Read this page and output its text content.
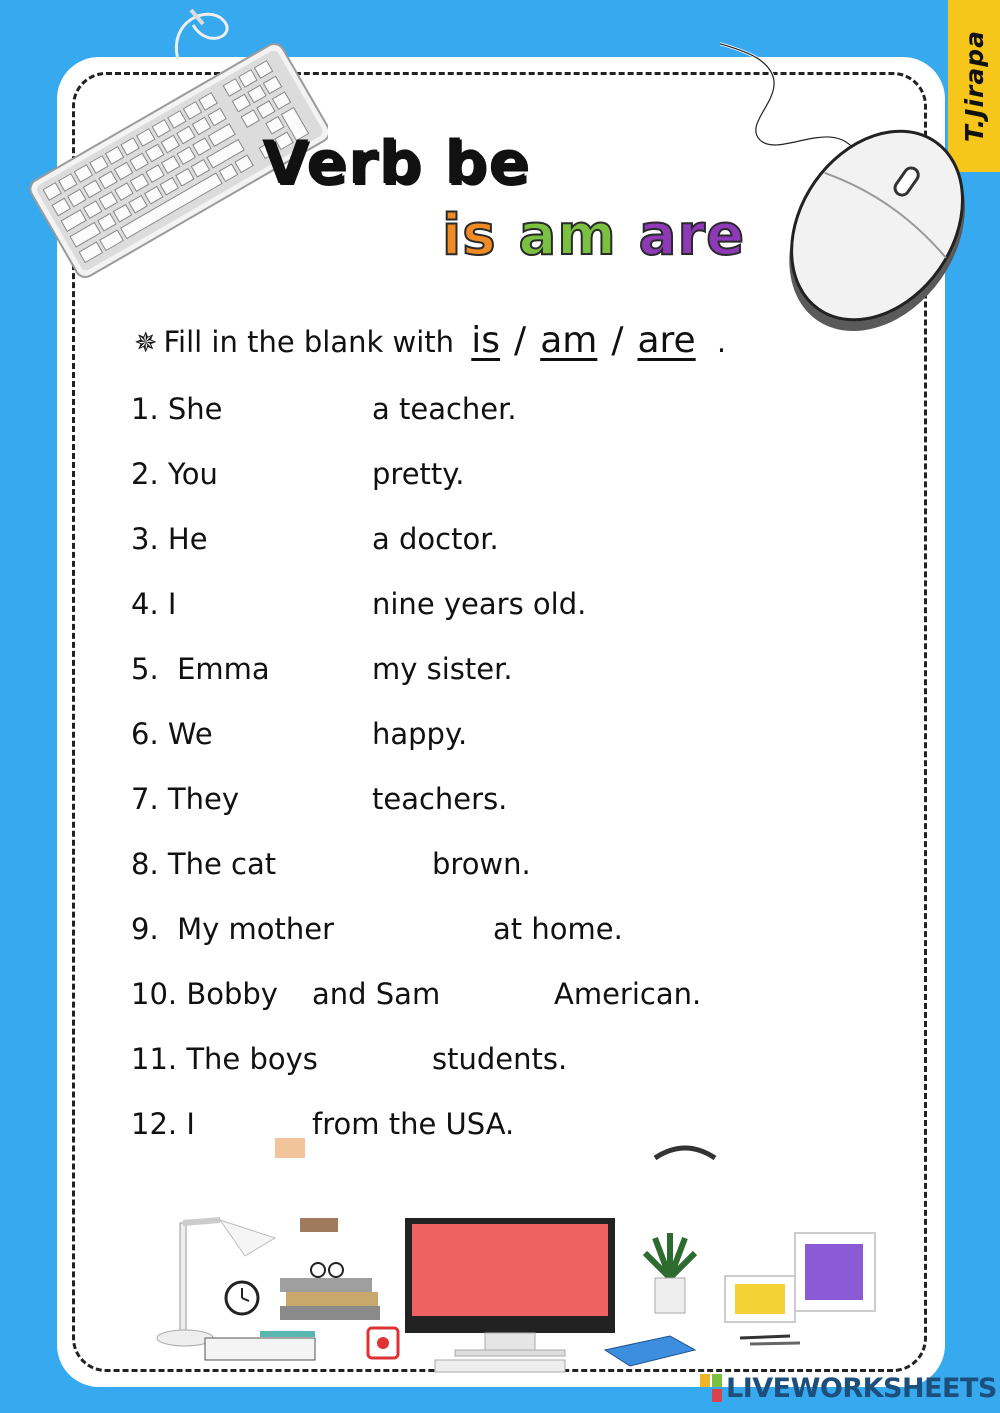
T.Jirapa
Verb be
is am are
✵ Fill in the blank with is / am / are .
1. She	a teacher.
2. You	pretty.
3. He	a doctor.
4. I	nine years old.
5.  Emma	my sister.
6. We	happy.
7. They	teachers.
8. The cat	brown.
9.  My mother	at home.
10. Bobby and Sam	American.
11. The boys	students.
12. I	from the USA.
LIVEWORKSHEETS
